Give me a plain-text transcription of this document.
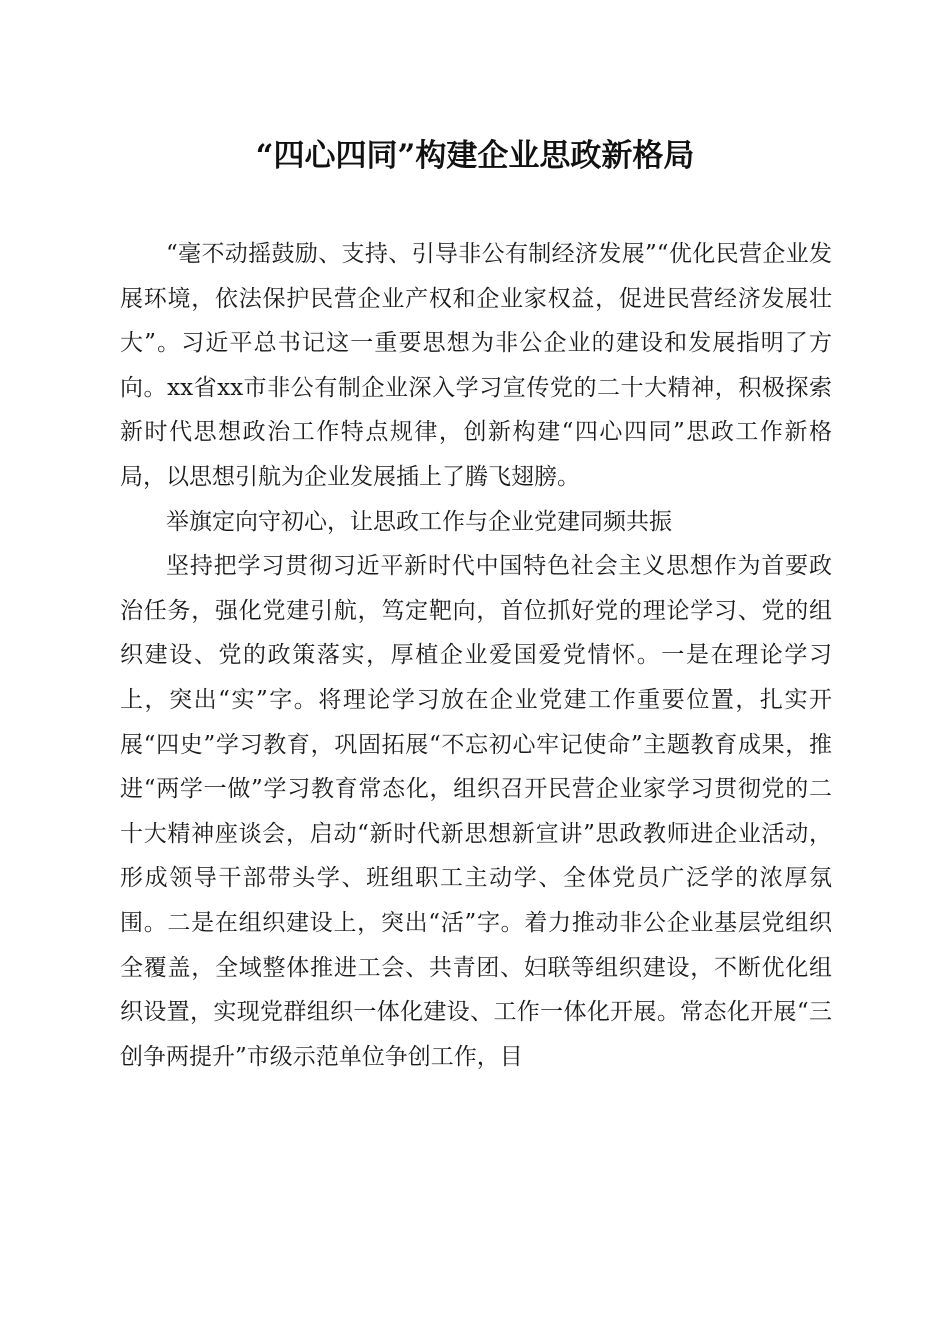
“四心四同”构建企业思政新格局

“毫不动摇鼓励、支持、引导非公有制经济发展”“优化民营企业发展环境，依法保护民营企业产权和企业家权益，促进民营经济发展壮大”。习近平总书记这一重要思想为非公企业的建设和发展指明了方向。xx省xx市非公有制企业深入学习宣传党的二十大精神，积极探索新时代思想政治工作特点规律，创新构建“四心四同”思政工作新格局，以思想引航为企业发展插上了腾飞翅膀。

举旗定向守初心，让思政工作与企业党建同频共振

坚持把学习贯彻习近平新时代中国特色社会主义思想作为首要政治任务，强化党建引航，笃定靶向，首位抓好党的理论学习、党的组织建设、党的政策落实，厚植企业爱国爱党情怀。一是在理论学习上，突出“实”字。将理论学习放在企业党建工作重要位置，扎实开展“四史”学习教育，巩固拓展“不忘初心牢记使命”主题教育成果，推进“两学一做”学习教育常态化，组织召开民营企业家学习贯彻党的二十大精神座谈会，启动“新时代新思想新宣讲”思政教师进企业活动，形成领导干部带头学、班组职工主动学、全体党员广泛学的浓厚氛围。二是在组织建设上，突出“活”字。着力推动非公企业基层党组织全覆盖，全域整体推进工会、共青团、妇联等组织建设，不断优化组织设置，实现党群组织一体化建设、工作一体化开展。常态化开展“三创争两提升”市级示范单位争创工作，目
